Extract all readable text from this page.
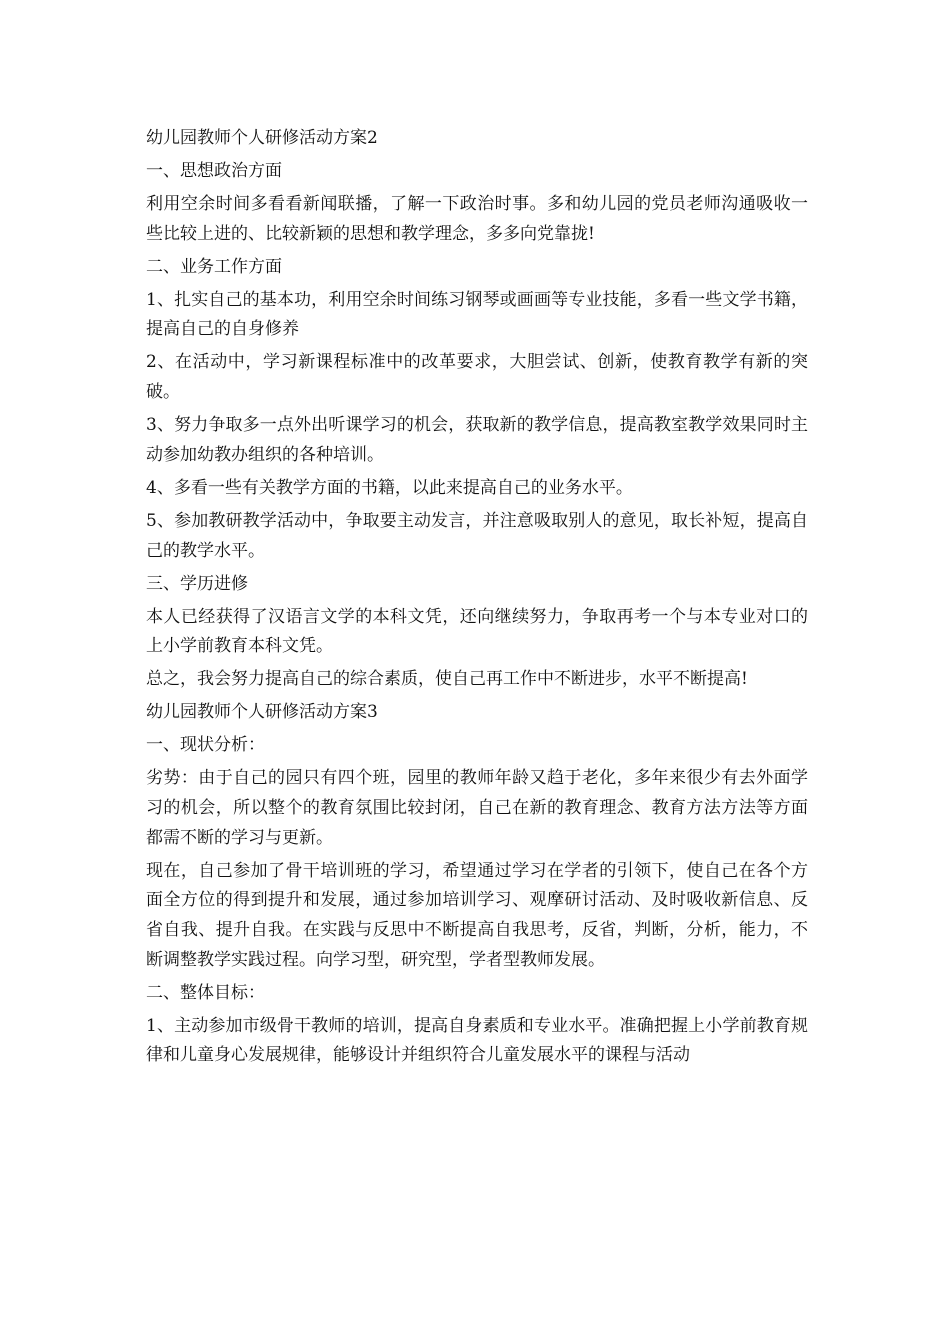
幼儿园教师个人研修活动方案2

一、思想政治方面

利用空余时间多看看新闻联播，了解一下政治时事。多和幼儿园的党员老师沟通吸收一些比较上进的、比较新颖的思想和教学理念，多多向党靠拢!

二、业务工作方面

1、扎实自己的基本功，利用空余时间练习钢琴或画画等专业技能，多看一些文学书籍，提高自己的自身修养

2、在活动中，学习新课程标准中的改革要求，大胆尝试、创新，使教育教学有新的突破。

3、努力争取多一点外出听课学习的机会，获取新的教学信息，提高教室教学效果同时主动参加幼教办组织的各种培训。

4、多看一些有关教学方面的书籍，以此来提高自己的业务水平。

5、参加教研教学活动中，争取要主动发言，并注意吸取别人的意见，取长补短，提高自己的教学水平。

三、学历进修

本人已经获得了汉语言文学的本科文凭，还向继续努力，争取再考一个与本专业对口的上小学前教育本科文凭。

总之，我会努力提高自己的综合素质，使自己再工作中不断进步，水平不断提高!

幼儿园教师个人研修活动方案3

一、现状分析：

劣势：由于自己的园只有四个班，园里的教师年龄又趋于老化，多年来很少有去外面学习的机会，所以整个的教育氛围比较封闭，自己在新的教育理念、教育方法方法等方面都需不断的学习与更新。

现在，自己参加了骨干培训班的学习，希望通过学习在学者的引领下，使自己在各个方面全方位的得到提升和发展，通过参加培训学习、观摩研讨活动、及时吸收新信息、反省自我、提升自我。在实践与反思中不断提高自我思考，反省，判断，分析，能力，不断调整教学实践过程。向学习型，研究型，学者型教师发展。

二、整体目标：

1、主动参加市级骨干教师的培训，提高自身素质和专业水平。准确把握上小学前教育规律和儿童身心发展规律，能够设计并组织符合儿童发展水平的课程与活动
